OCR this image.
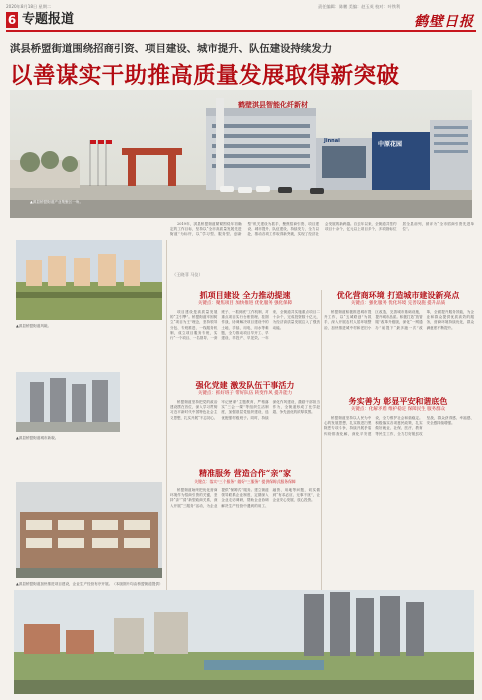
2020年8月18日 星期二	责任编辑：陈鹏 美编：赵玉英 校对：叶铁利
6 专题报道	鹤壁日报
淇县桥盟街道围绕招商引资、项目建设、城市提升、队伍建设持续发力
以善谋实干助推高质量发展取得新突破
鹤壁淇县智能化纤新材
Jinnai	中原花园
▲淇县桥盟街道产业集聚区一角。

2019年，淇县桥盟街道紧紧围绕年初确定的工作目标，坚持以“全市高质量发展先进街道”为标杆，以“学习型、服务型、创新型”机关建设为抓手，聚焦招商引资、项目建设、城市提升、队伍建设，持续发力，全力以赴，推动各项工作取得新突破，实现了经济社会发展的新跨越。自去年以来，全街道共签约项目十余个，亿元以上项目多个，多项指标位居全县前列，被评为“全市招商引资先进单位”。

（王晓菲 马仪）
▲淇县桥盟街道风貌。
▲淇县桥盟街道城市新貌。
▲淇县桥盟街道加快推进项目建设，企业生产经营有序开展。（本版图片均由桥盟街道提供）
抓项目建设 全力推动提速
关键点：聚焦项目 加快推进 优化服务 强化保障

项目建设是高质量发展的“主引擎”。桥盟街道牢固树立“项目为王”理念，坚持领导分包、专班推进、一线服务机制，成立项目服务专班，实行“一个项目、一名领导、一套班子、一抓到底”工作机制，对重点项目实行台账管理、挂图作战，协调解决项目建设中的土地、手续、用电、用水等难题，全力推动项目早开工、早建设、早投产、早见效。一年来，全街道共实施重点项目二十余个，完成投资数十亿元，为经济高质量发展注入了强劲动能。

优化营商环境 打造城市建设新亮点
关键点：强化服务 优化环境 完善设施 提升品质

桥盟街道积极推进城市提升工作，以“五城联创”为抓手，深入开展农村人居环境整治，加快推进城中村和老旧小区改造，完善城市基础设施，提升城市品质。积极打造“放管服”改革升级版，深化“一网通办”前提下“最多跑一次”改革，全面提升服务效能，为企业和群众提供优质高效的服务，营商环境持续优化，群众满意度不断提升。

强化党建 激发队伍干事活力
关键点：抓好班子 带好队伍 转变作风 提升能力

桥盟街道坚持把党的政治建设摆在首位，深入学习贯彻习近平新时代中国特色社会主义思想，扎实开展“不忘初心、牢记使命”主题教育，严格落实“三会一课”等组织生活制度，加强基层党组织建设，选优配强村级班子。同时，持续深化作风建设，激励干部担当作为，全街道形成了比学赶超、争先创优的浓厚氛围。

精准服务 营造合作“亲”家
关键点：落实“三个服务” 做好“三服务” 提供保姆式服务保障

桥盟街道始终把优化营商环境作为招商引资的关键，坚持“亲”“清”新型政商关系，深入开展“三服务”活动，为企业提供“保姆式”服务。建立街道领导联系企业制度，定期深入企业走访调研，帮助企业协调解决生产经营中遇到的用工、融资、用地等问题，切实做到“有求必应、无事不扰”，让企业安心发展、放心投资。

务实善为 彰显平安和谐底色
关键点：化解矛盾 维护稳定 保障民生 服务群众

桥盟街道坚持以人民为中心的发展思想，扎实推进扫黑除恶专项斗争，持续开展矛盾纠纷排查化解，深化平安建设，全力维护社会和谐稳定。积极落实各项惠民政策，扎实做好就业、社保、医疗、教育等民生工作，全力打好脱贫攻坚战，群众获得感、幸福感、安全感持续增强。
